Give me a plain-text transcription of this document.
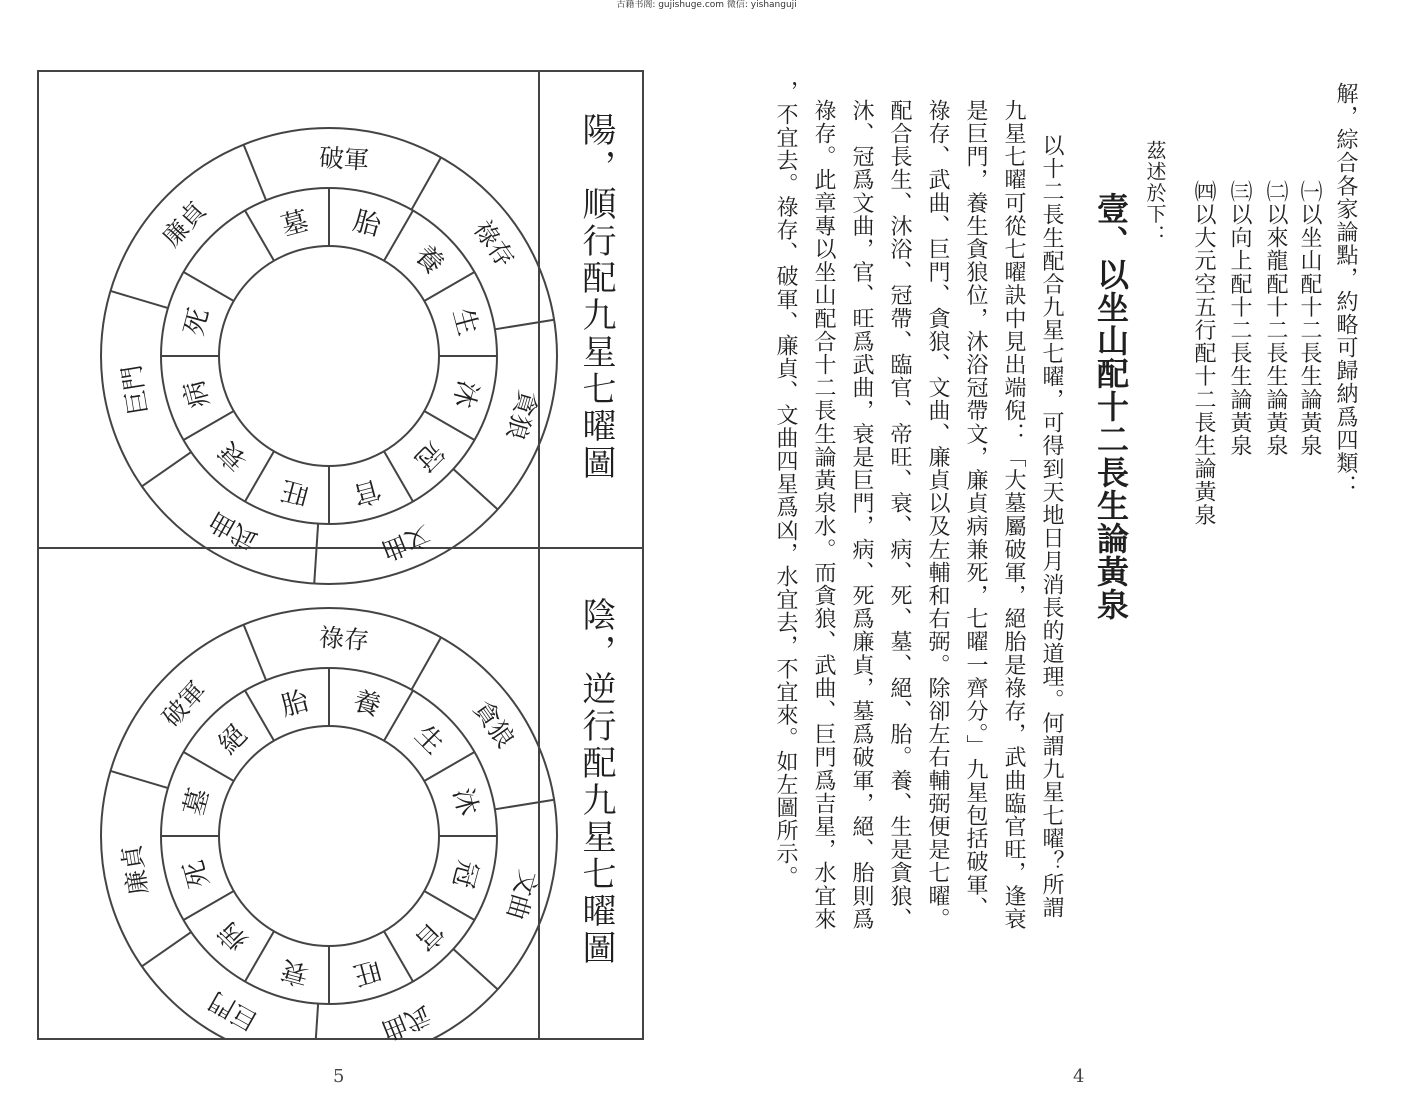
古籍书阁: gujishuge.com 微信: yishanguji
解，綜合各家論點，約略可歸納爲四類：
㈠以坐山配十二長生論黃泉
㈡以來龍配十二長生論黃泉
㈢以向上配十二長生論黃泉
㈣以大元空五行配十二長生論黃泉
茲述於下：
壹、以坐山配十二長生論黃泉
以十二長生配合九星七曜，可得到天地日月消長的道理。何謂九星七曜？所謂
九星七曜可從七曜訣中見出端倪：「大墓屬破軍，絕胎是祿存，武曲臨官旺，逢衰
是巨門，養生貪狼位，沐浴冠帶文，廉貞病兼死，七曜一齊分。」九星包括破軍、
祿存、武曲、巨門、貪狼、文曲、廉貞以及左輔和右弼。除卻左右輔弼便是七曜。
配合長生、沐浴、冠帶、臨官、帝旺、衰、病、死、墓、絕、胎。養、生是貪狼、
沐、冠爲文曲，官、旺爲武曲，衰是巨門，病、死爲廉貞，墓爲破軍，絕、胎則爲
祿存。此章專以坐山配合十二長生論黃泉水。而貪狼、武曲、巨門爲吉星，水宜來
，不宜去。祿存、破軍、廉貞、文曲四星爲凶，水宜去，不宜來。如左圖所示。
4
墓 胎
養
生
沐
冠
官
旺
衰
病
死
破軍
祿存
貪狼
文曲
武曲
巨門
廉貞
胎 養
生
沐
冠
官
旺
衰
病
死
墓
絕
祿存
貪狼
文曲
武曲
巨門
廉貞
破軍
陽，順行配九星七曜圖
陰，逆行配九星七曜圖
5
